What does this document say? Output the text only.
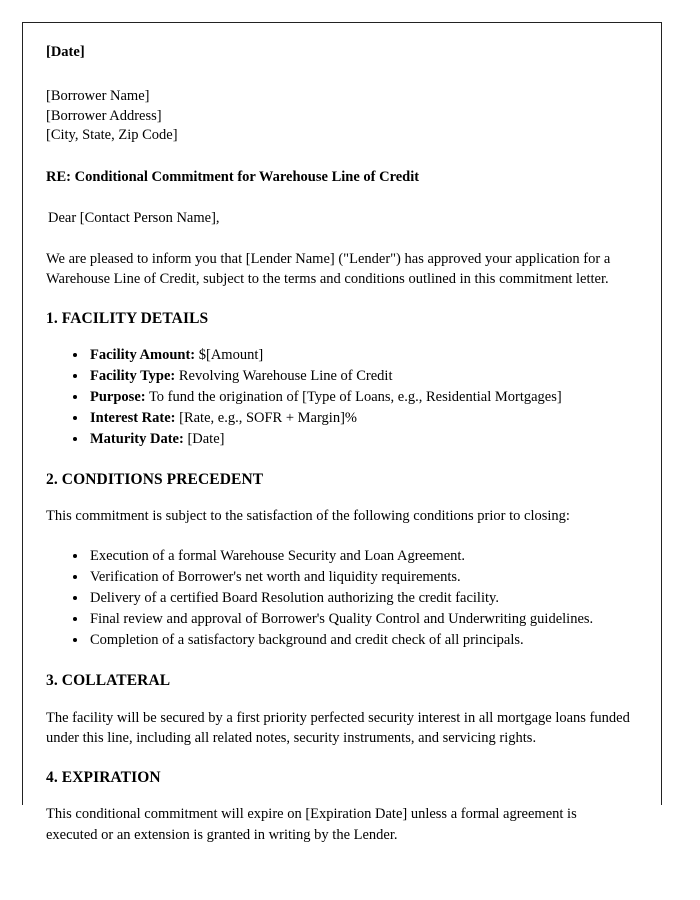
[Date]
[Borrower Name]
[Borrower Address]
[City, State, Zip Code]
RE: Conditional Commitment for Warehouse Line of Credit
Dear [Contact Person Name],

We are pleased to inform you that [Lender Name] ("Lender") has approved your application for a Warehouse Line of Credit, subject to the terms and conditions outlined in this commitment letter.

1. FACILITY DETAILS
• Facility Amount: $[Amount]
• Facility Type: Revolving Warehouse Line of Credit
• Purpose: To fund the origination of [Type of Loans, e.g., Residential Mortgages]
• Interest Rate: [Rate, e.g., SOFR + Margin]%
• Maturity Date: [Date]
2. CONDITIONS PRECEDENT

This commitment is subject to the satisfaction of the following conditions prior to closing:

• Execution of a formal Warehouse Security and Loan Agreement.
• Verification of Borrower's net worth and liquidity requirements.
• Delivery of a certified Board Resolution authorizing the credit facility.
• Final review and approval of Borrower's Quality Control and Underwriting guidelines.
• Completion of a satisfactory background and credit check of all principals.
3. COLLATERAL

The facility will be secured by a first priority perfected security interest in all mortgage loans funded under this line, including all related notes, security instruments, and servicing rights.

4. EXPIRATION

This conditional commitment will expire on [Expiration Date] unless a formal agreement is executed or an extension is granted in writing by the Lender.
